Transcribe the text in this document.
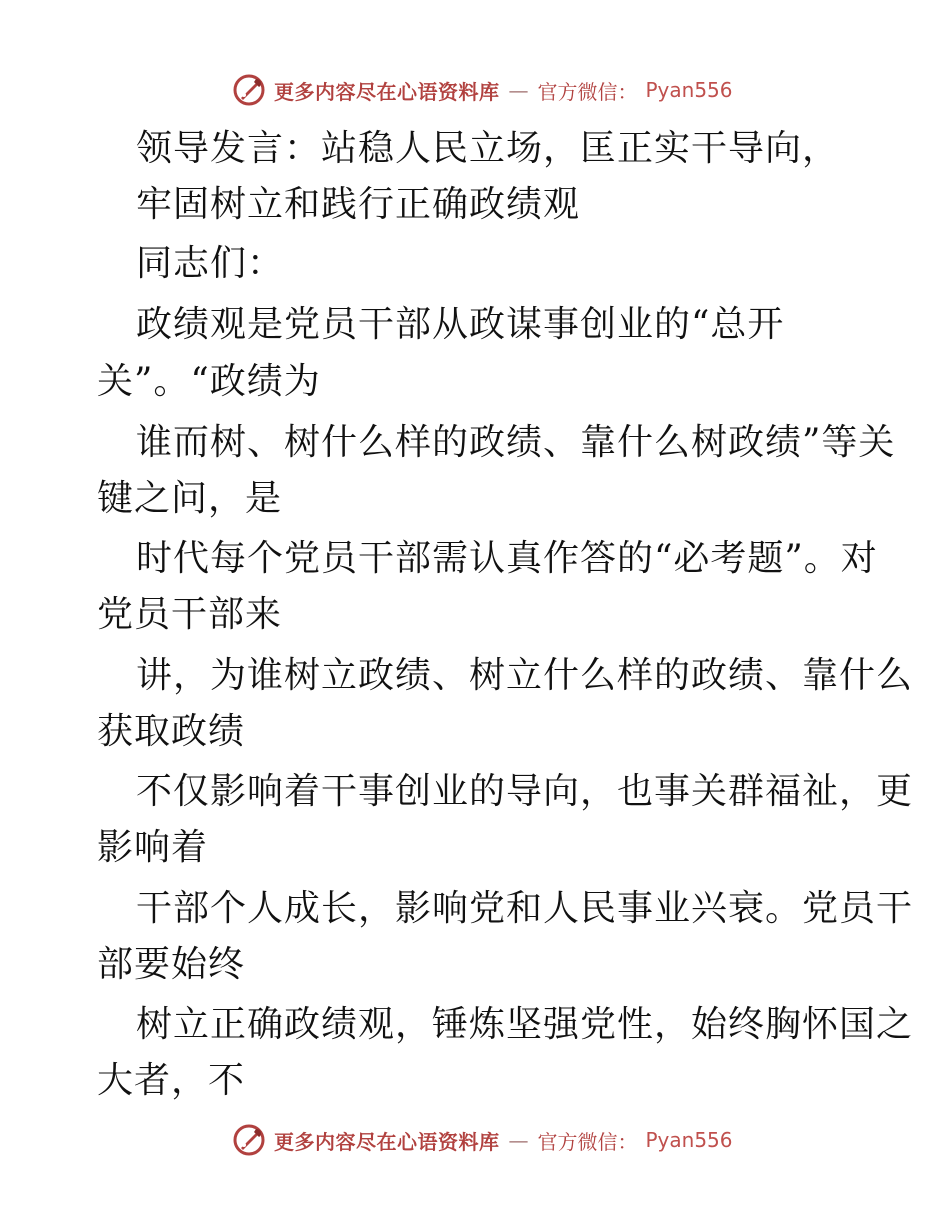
更多内容尽在心语资料库 — 官方微信： Pyan556
领导发言：站稳人民立场，匡正实干导向，
牢固树立和践行正确政绩观
同志们：
政绩观是党员干部从政谋事创业的“总开
关”。“政绩为
谁而树、树什么样的政绩、靠什么树政绩”等关
键之问，是
时代每个党员干部需认真作答的“必考题”。对
党员干部来
讲，为谁树立政绩、树立什么样的政绩、靠什么
获取政绩
不仅影响着干事创业的导向，也事关群福祉，更
影响着
干部个人成长，影响党和人民事业兴衰。党员干
部要始终
树立正确政绩观，锤炼坚强党性，始终胸怀国之
大者，不
更多内容尽在心语资料库 — 官方微信： Pyan556
